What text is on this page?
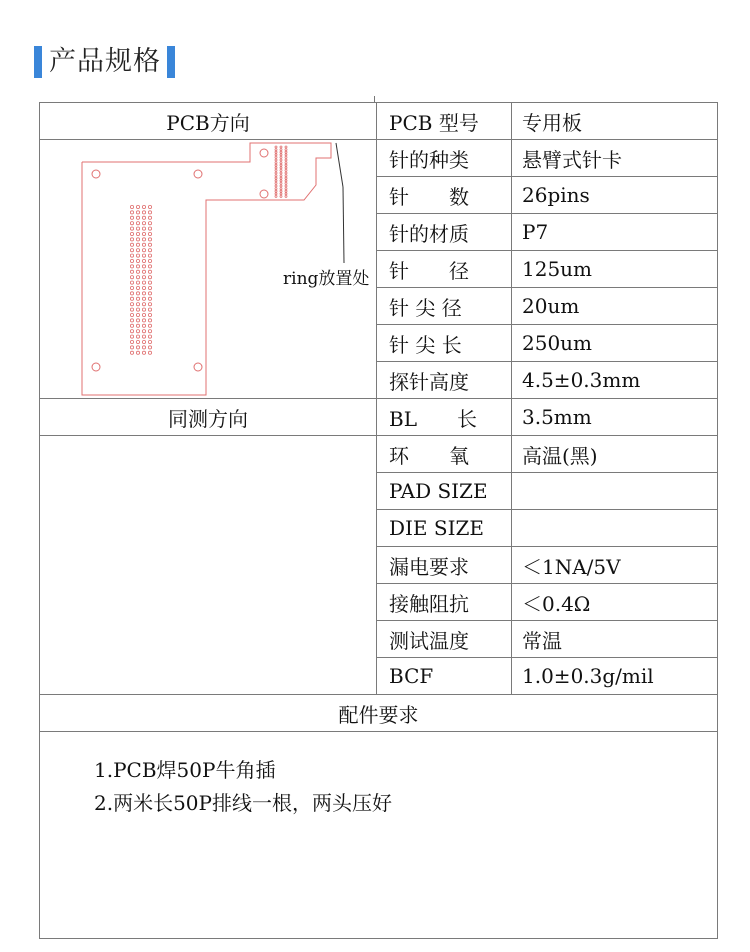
产品规格
PCB方向	PCB 型号	专用板

ring放置处	针的种类	悬臂式针卡
	针　　数	26pins
	针的材质	P7
	针　　径	125um
	针 尖 径	20um
	针 尖 长	250um
	探针高度	4.5±0.3mm
同测方向	BL　　长	3.5mm
	环　　氧	高温(黑)
	PAD SIZE	
	DIE SIZE	
	漏电要求	＜1NA/5V
	接触阻抗	＜0.4Ω
	测试温度	常温
	BCF	1.0±0.3g/mil
配件要求		

1.PCB焊50P牛角插
2.两米长50P排线一根，两头压好		
